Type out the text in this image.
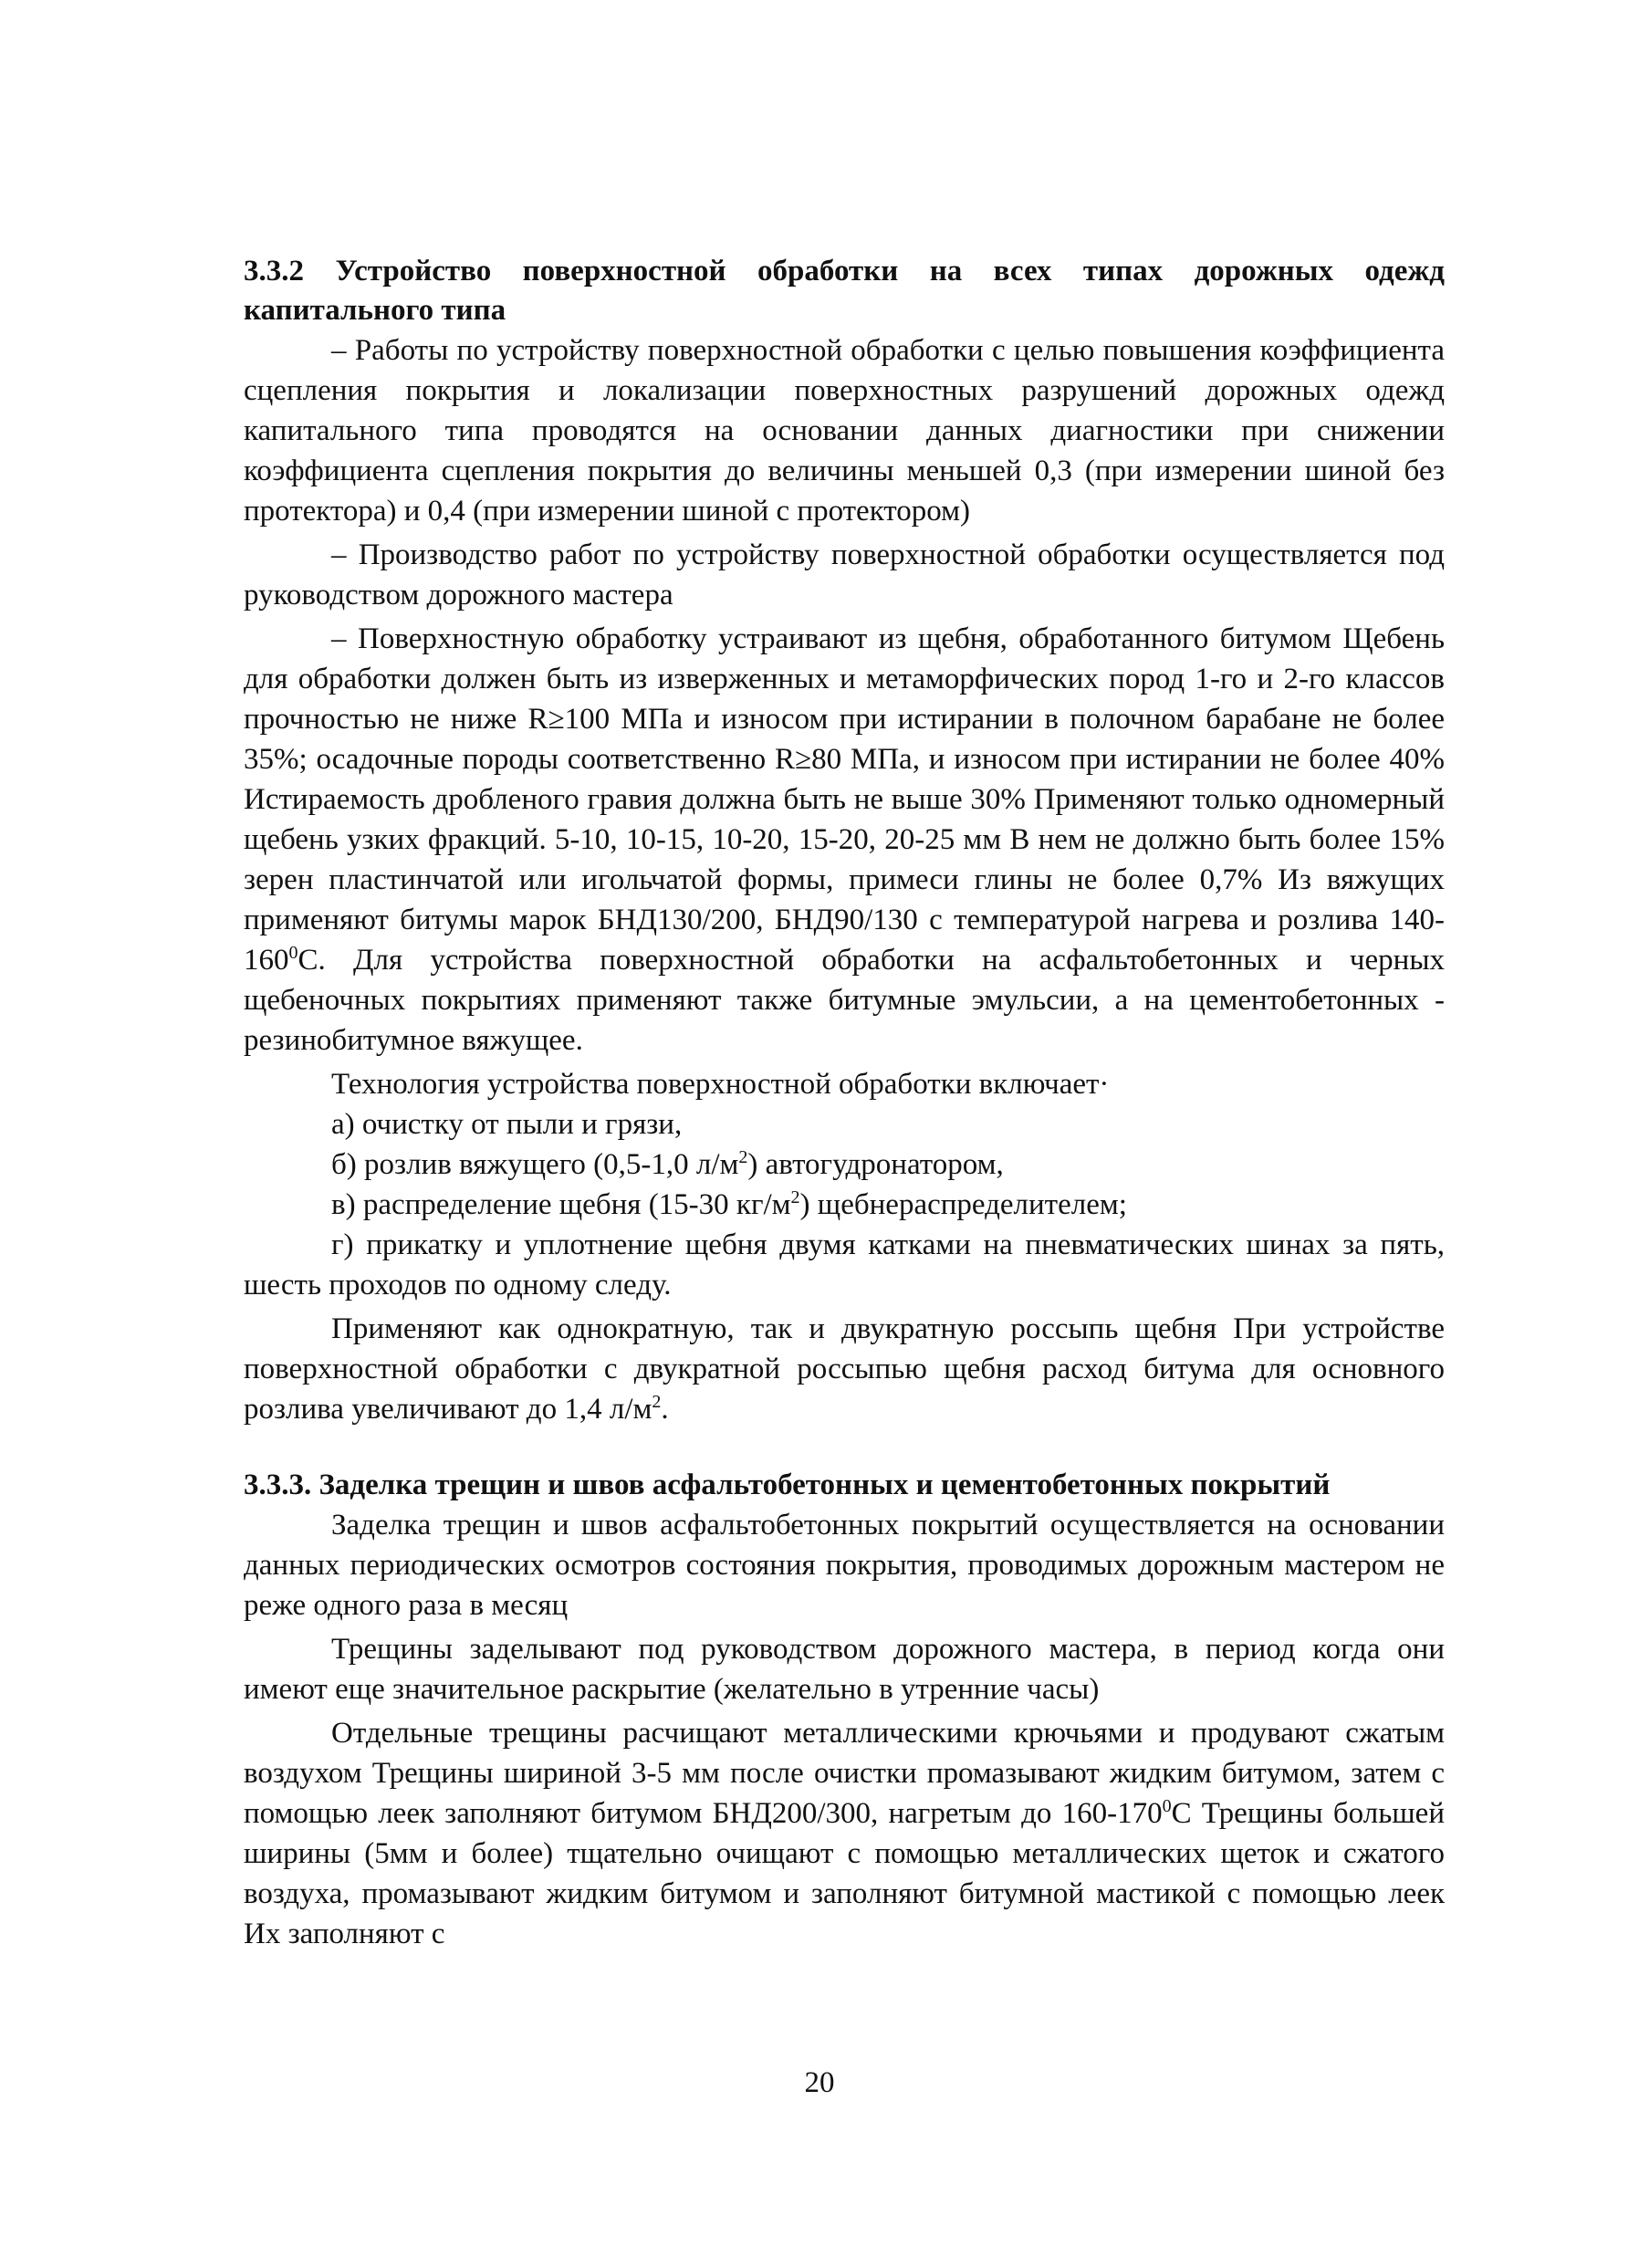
3.3.2 Устройство поверхностной обработки на всех типах дорожных одежд капитального типа

– Работы по устройству поверхностной обработки с целью повышения коэффициента сцепления покрытия и локализации поверхностных разрушений дорожных одежд капитального типа проводятся на основании данных диагностики при снижении коэффициента сцепления покрытия до величины меньшей 0,3 (при измерении шиной без протектора) и 0,4 (при измерении шиной с протектором)

– Производство работ по устройству поверхностной обработки осуществляется под руководством дорожного мастера

– Поверхностную обработку устраивают из щебня, обработанного битумом Щебень для обработки должен быть из изверженных и метаморфических пород 1-го и 2-го классов прочностью не ниже R≥100 МПа и износом при истирании в полочном барабане не более 35%; осадочные породы соответственно R≥80 МПа, и износом при истирании не более 40% Истираемость дробленого гравия должна быть не выше 30% Применяют только одномерный щебень узких фракций. 5-10, 10-15, 10-20, 15-20, 20-25 мм В нем не должно быть более 15% зерен пластинчатой или игольчатой формы, примеси глины не более 0,7% Из вяжущих применяют битумы марок БНД130/200, БНД90/130 с температурой нагрева и розлива $140-160^0С$. Для устройства поверхностной обработки на асфальтобетонных и черных щебеночных покрытиях применяют также битумные эмульсии, а на цементобетонных - резинобитумное вяжущее.

Технология устройства поверхностной обработки включает·

а) очистку от пыли и грязи,

б) розлив вяжущего (0,5-1,0 $л/м^2$) автогудронатором,

в) распределение щебня (15-30 $кг/м^2$) щебнераспределителем;

г) прикатку и уплотнение щебня двумя катками на пневматических шинах за пять, шесть проходов по одному следу.

Применяют как однократную, так и двукратную россыпь щебня При устройстве поверхностной обработки с двукратной россыпью щебня расход битума для основного розлива увеличивают до 1,4 $л/м^2$.

3.3.3. Заделка трещин и швов асфальтобетонных и цементобетонных покрытий

Заделка трещин и швов асфальтобетонных покрытий осуществляется на основании данных периодических осмотров состояния покрытия, проводимых дорожным мастером не реже одного раза в месяц

Трещины заделывают под руководством дорожного мастера, в период когда они имеют еще значительное раскрытие (желательно в утренние часы)

Отдельные трещины расчищают металлическими крючьями и продувают сжатым воздухом Трещины шириной 3-5 мм после очистки промазывают жидким битумом, затем с помощью леек заполняют битумом БНД200/300, нагретым до $160-170^0С$ Трещины большей ширины (5мм и более) тщательно очищают с помощью металлических щеток и сжатого воздуха, промазывают жидким битумом и заполняют битумной мастикой с помощью леек Их заполняют с

20
